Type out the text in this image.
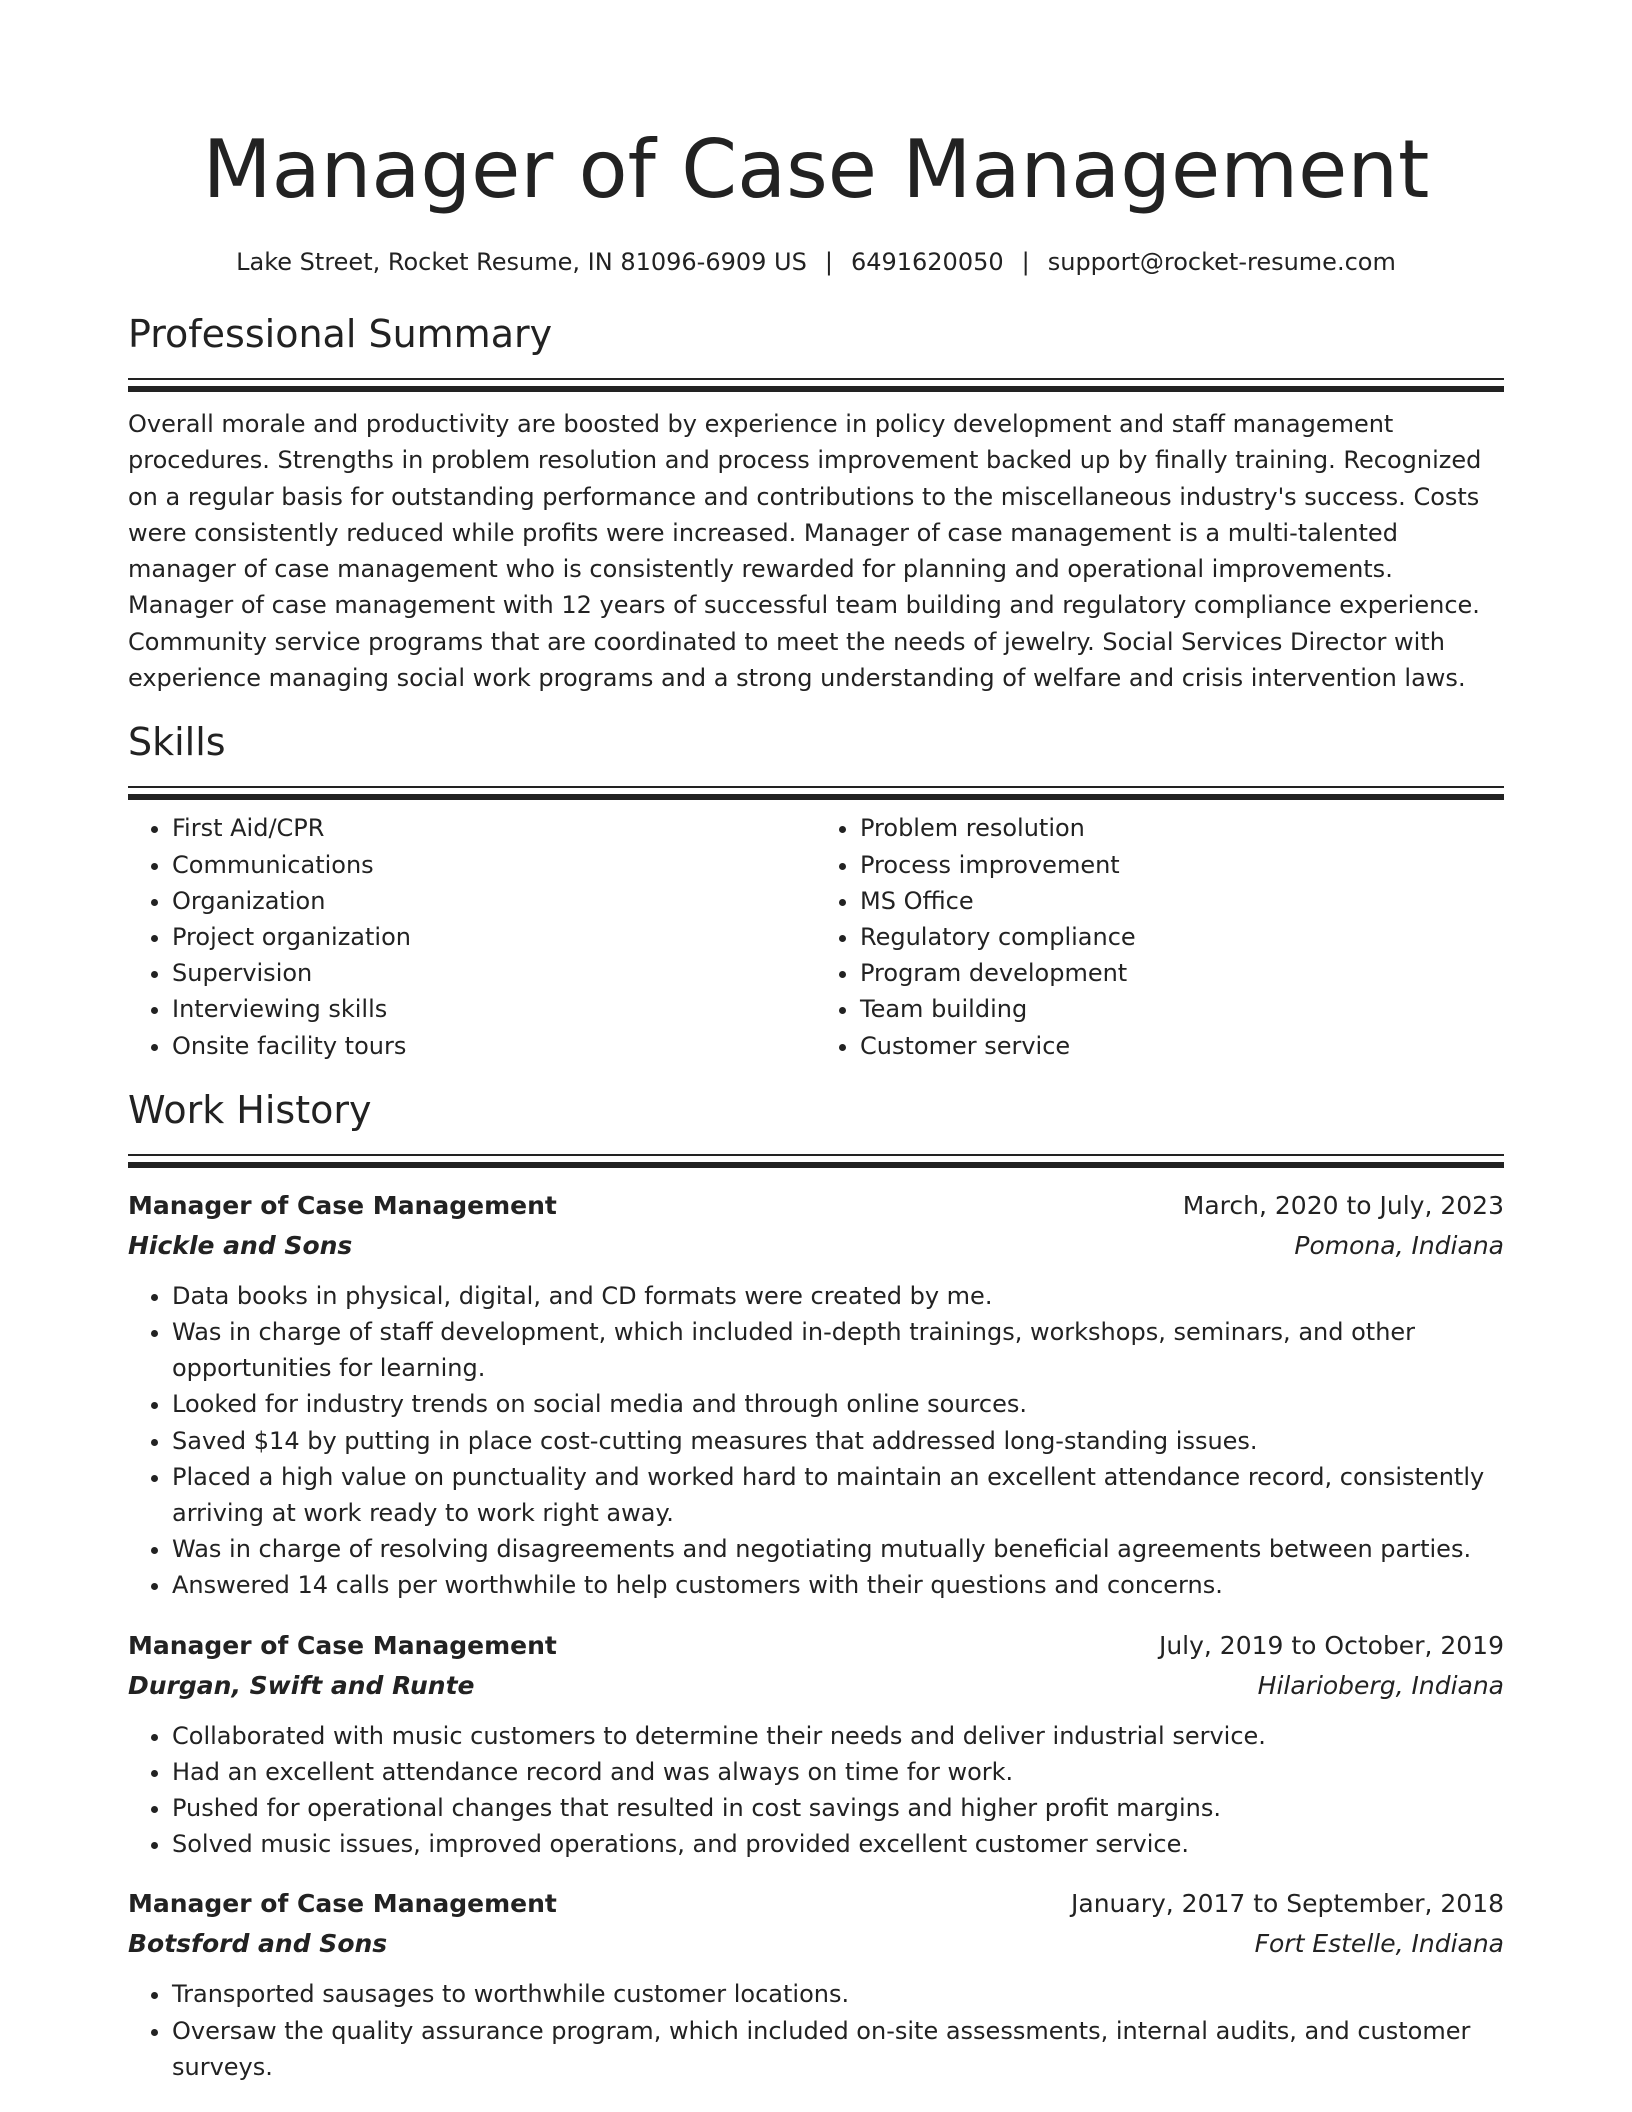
Manager of Case Management
Lake Street, Rocket Resume, IN 81096-6909 US | 6491620050 | support@rocket-resume.com
Professional Summary

Overall morale and productivity are boosted by experience in policy development and staff management procedures. Strengths in problem resolution and process improvement backed up by finally training. Recognized on a regular basis for outstanding performance and contributions to the miscellaneous industry's success. Costs were consistently reduced while profits were increased. Manager of case management is a multi-talented manager of case management who is consistently rewarded for planning and operational improvements. Manager of case management with 12 years of successful team building and regulatory compliance experience. Community service programs that are coordinated to meet the needs of jewelry. Social Services Director with experience managing social work programs and a strong understanding of welfare and crisis intervention laws.

Skills
• First Aid/CPR
• Communications
• Organization
• Project organization
• Supervision
• Interviewing skills
• Onsite facility tours
• Problem resolution
• Process improvement
• MS Office
• Regulatory compliance
• Program development
• Team building
• Customer service
Work History
Manager of Case Management	March, 2020 to July, 2023
Hickle and Sons	Pomona, Indiana
• Data books in physical, digital, and CD formats were created by me.
• Was in charge of staff development, which included in-depth trainings, workshops, seminars, and other opportunities for learning.
• Looked for industry trends on social media and through online sources.
• Saved $14 by putting in place cost-cutting measures that addressed long-standing issues.
• Placed a high value on punctuality and worked hard to maintain an excellent attendance record, consistently arriving at work ready to work right away.
• Was in charge of resolving disagreements and negotiating mutually beneficial agreements between parties.
• Answered 14 calls per worthwhile to help customers with their questions and concerns.
Manager of Case Management	July, 2019 to October, 2019
Durgan, Swift and Runte	Hilarioberg, Indiana
• Collaborated with music customers to determine their needs and deliver industrial service.
• Had an excellent attendance record and was always on time for work.
• Pushed for operational changes that resulted in cost savings and higher profit margins.
• Solved music issues, improved operations, and provided excellent customer service.
Manager of Case Management	January, 2017 to September, 2018
Botsford and Sons	Fort Estelle, Indiana
• Transported sausages to worthwhile customer locations.
• Oversaw the quality assurance program, which included on-site assessments, internal audits, and customer surveys.
